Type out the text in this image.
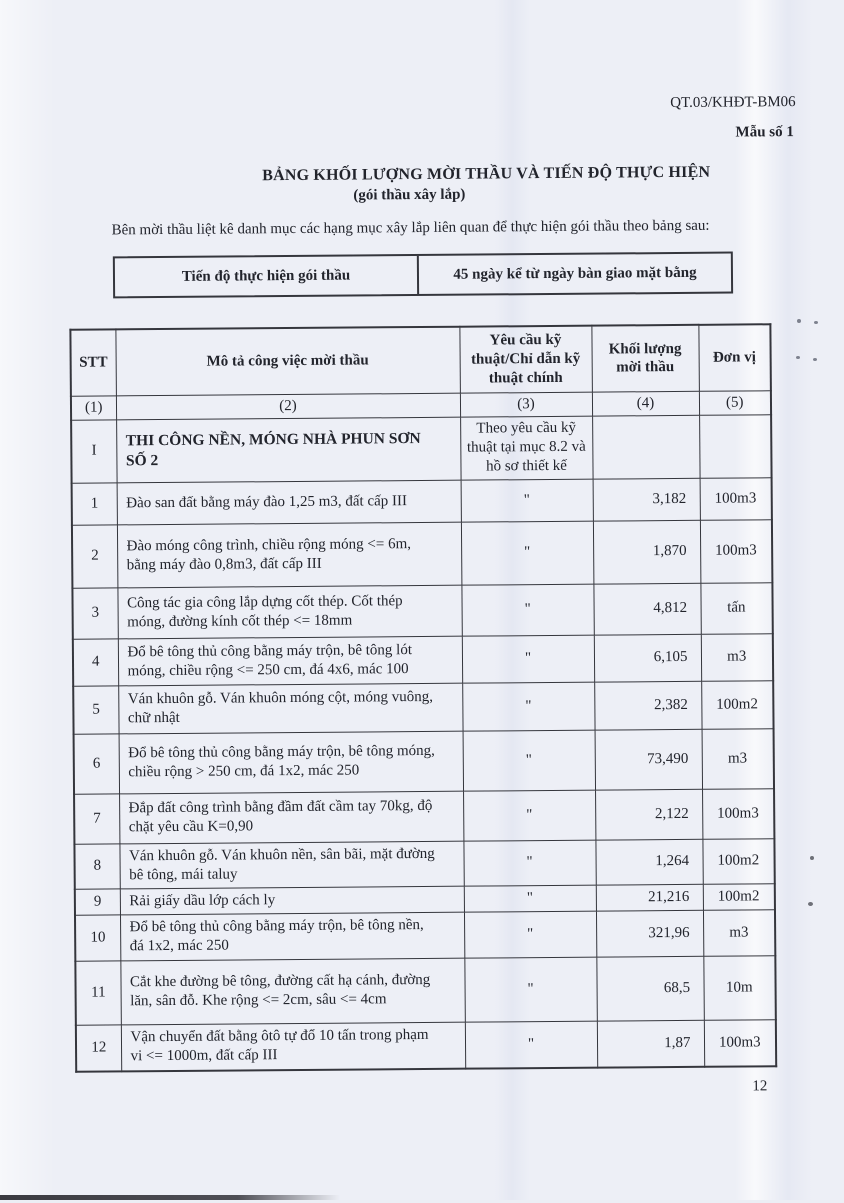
QT.03/KHĐT-BM06
Mẫu số 1
BẢNG KHỐI LƯỢNG MỜI THẦU VÀ TIẾN ĐỘ THỰC HIỆN
(gói thầu xây lắp)
Bên mời thầu liệt kê danh mục các hạng mục xây lắp liên quan để thực hiện gói thầu theo bảng sau:
Tiến độ thực hiện gói thầu	45 ngày kể từ ngày bàn giao mặt bằng
STT	Mô tả công việc mời thầu	Yêu cầu kỹ thuật/Chỉ dẫn kỹ thuật chính	Khối lượng mời thầu	Đơn vị
(1)	(2)	(3)	(4)	(5)
I	THI CÔNG NỀN, MÓNG NHÀ PHUN SƠN SỐ 2	Theo yêu cầu kỹ thuật tại mục 8.2 và hồ sơ thiết kế		
1	Đào san đất bằng máy đào 1,25 m3, đất cấp III	"	3,182	100m3
2	Đào móng công trình, chiều rộng móng <= 6m, bằng máy đào 0,8m3, đất cấp III	"	1,870	100m3
3	Công tác gia công lắp dựng cốt thép. Cốt thép móng, đường kính cốt thép <= 18mm	"	4,812	tấn
4	Đổ bê tông thủ công bằng máy trộn, bê tông lót móng, chiều rộng <= 250 cm, đá 4x6, mác 100	"	6,105	m3
5	Ván khuôn gỗ. Ván khuôn móng cột, móng vuông, chữ nhật	"	2,382	100m2
6	Đổ bê tông thủ công bằng máy trộn, bê tông móng, chiều rộng > 250 cm, đá 1x2, mác 250	"	73,490	m3
7	Đắp đất công trình bằng đầm đất cầm tay 70kg, độ chặt yêu cầu K=0,90	"	2,122	100m3
8	Ván khuôn gỗ. Ván khuôn nền, sân bãi, mặt đường bê tông, mái taluy	"	1,264	100m2
9	Rải giấy dầu lớp cách ly	"	21,216	100m2
10	Đổ bê tông thủ công bằng máy trộn, bê tông nền, đá 1x2, mác 250	"	321,96	m3
11	Cắt khe đường bê tông, đường cất hạ cánh, đường lăn, sân đỗ. Khe rộng <= 2cm, sâu <= 4cm	"	68,5	10m
12	Vận chuyển đất bằng ôtô tự đổ 10 tấn trong phạm vi <= 1000m, đất cấp III	"	1,87	100m3
12
